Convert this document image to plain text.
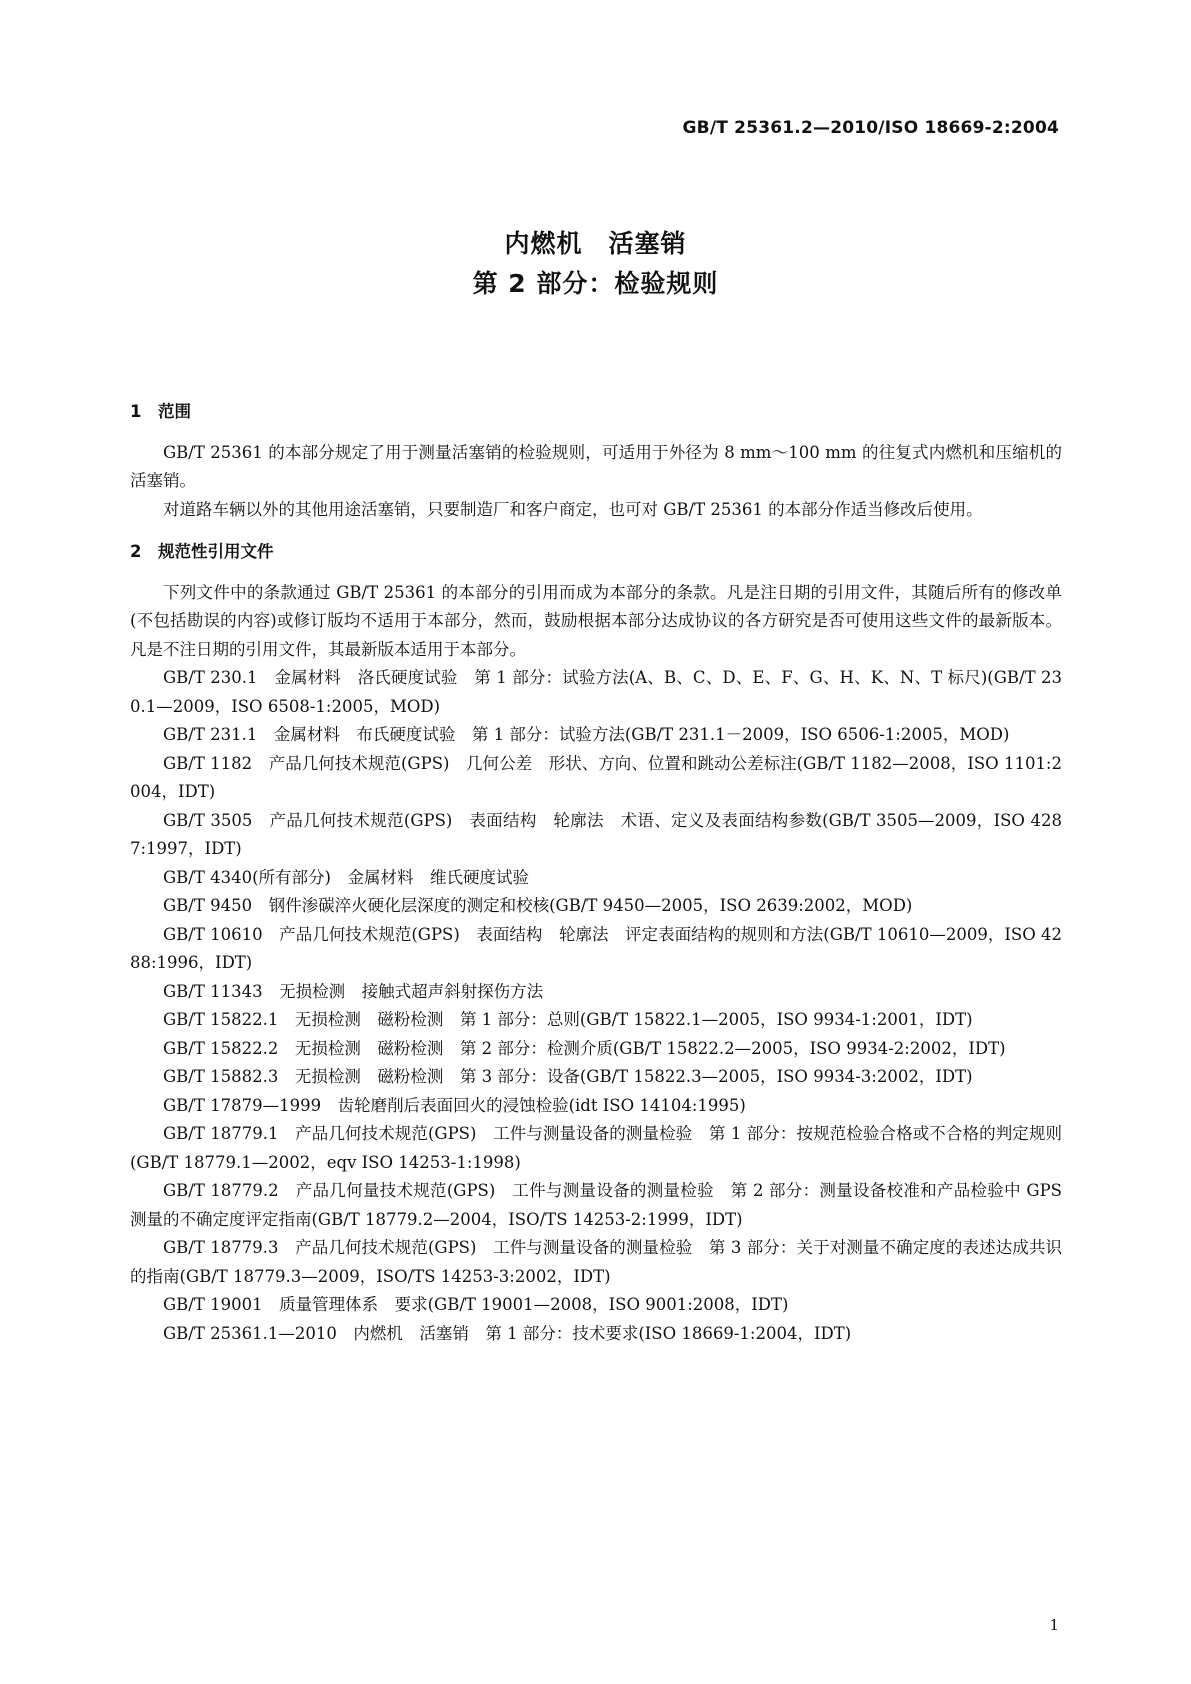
GB/T 25361.2—2010/ISO 18669-2:2004
内燃机　活塞销
第 2 部分：检验规则

1　范围

GB/T 25361 的本部分规定了用于测量活塞销的检验规则，可适用于外径为 8 mm～100 mm 的往复式内燃机和压缩机的活塞销。

对道路车辆以外的其他用途活塞销，只要制造厂和客户商定，也可对 GB/T 25361 的本部分作适当修改后使用。

2　规范性引用文件

下列文件中的条款通过 GB/T 25361 的本部分的引用而成为本部分的条款。凡是注日期的引用文件，其随后所有的修改单(不包括勘误的内容)或修订版均不适用于本部分，然而，鼓励根据本部分达成协议的各方研究是否可使用这些文件的最新版本。凡是不注日期的引用文件，其最新版本适用于本部分。

GB/T 230.1　金属材料　洛氏硬度试验　第 1 部分：试验方法(A、B、C、D、E、F、G、H、K、N、T 标尺)(GB/T 230.1—2009，ISO 6508-1:2005，MOD)

GB/T 231.1　金属材料　布氏硬度试验　第 1 部分：试验方法(GB/T 231.1－2009，ISO 6506-1:2005，MOD)

GB/T 1182　产品几何技术规范(GPS)　几何公差　形状、方向、位置和跳动公差标注(GB/T 1182—2008，ISO 1101:2004，IDT)

GB/T 3505　产品几何技术规范(GPS)　表面结构　轮廓法　术语、定义及表面结构参数(GB/T 3505—2009，ISO 4287:1997，IDT)

GB/T 4340(所有部分)　金属材料　维氏硬度试验

GB/T 9450　钢件渗碳淬火硬化层深度的测定和校核(GB/T 9450—2005，ISO 2639:2002，MOD)

GB/T 10610　产品几何技术规范(GPS)　表面结构　轮廓法　评定表面结构的规则和方法(GB/T 10610—2009，ISO 4288:1996，IDT)

GB/T 11343　无损检测　接触式超声斜射探伤方法

GB/T 15822.1　无损检测　磁粉检测　第 1 部分：总则(GB/T 15822.1—2005，ISO 9934-1:2001，IDT)

GB/T 15822.2　无损检测　磁粉检测　第 2 部分：检测介质(GB/T 15822.2—2005，ISO 9934-2:2002，IDT)

GB/T 15882.3　无损检测　磁粉检测　第 3 部分：设备(GB/T 15822.3—2005，ISO 9934-3:2002，IDT)

GB/T 17879—1999　齿轮磨削后表面回火的浸蚀检验(idt ISO 14104:1995)

GB/T 18779.1　产品几何技术规范(GPS)　工件与测量设备的测量检验　第 1 部分：按规范检验合格或不合格的判定规则(GB/T 18779.1—2002，eqv ISO 14253-1:1998)

GB/T 18779.2　产品几何量技术规范(GPS)　工件与测量设备的测量检验　第 2 部分：测量设备校准和产品检验中 GPS 测量的不确定度评定指南(GB/T 18779.2—2004，ISO/TS 14253-2:1999，IDT)

GB/T 18779.3　产品几何技术规范(GPS)　工件与测量设备的测量检验　第 3 部分：关于对测量不确定度的表述达成共识的指南(GB/T 18779.3—2009，ISO/TS 14253-3:2002，IDT)

GB/T 19001　质量管理体系　要求(GB/T 19001—2008，ISO 9001:2008，IDT)

GB/T 25361.1—2010　内燃机　活塞销　第 1 部分：技术要求(ISO 18669-1:2004，IDT)

1
